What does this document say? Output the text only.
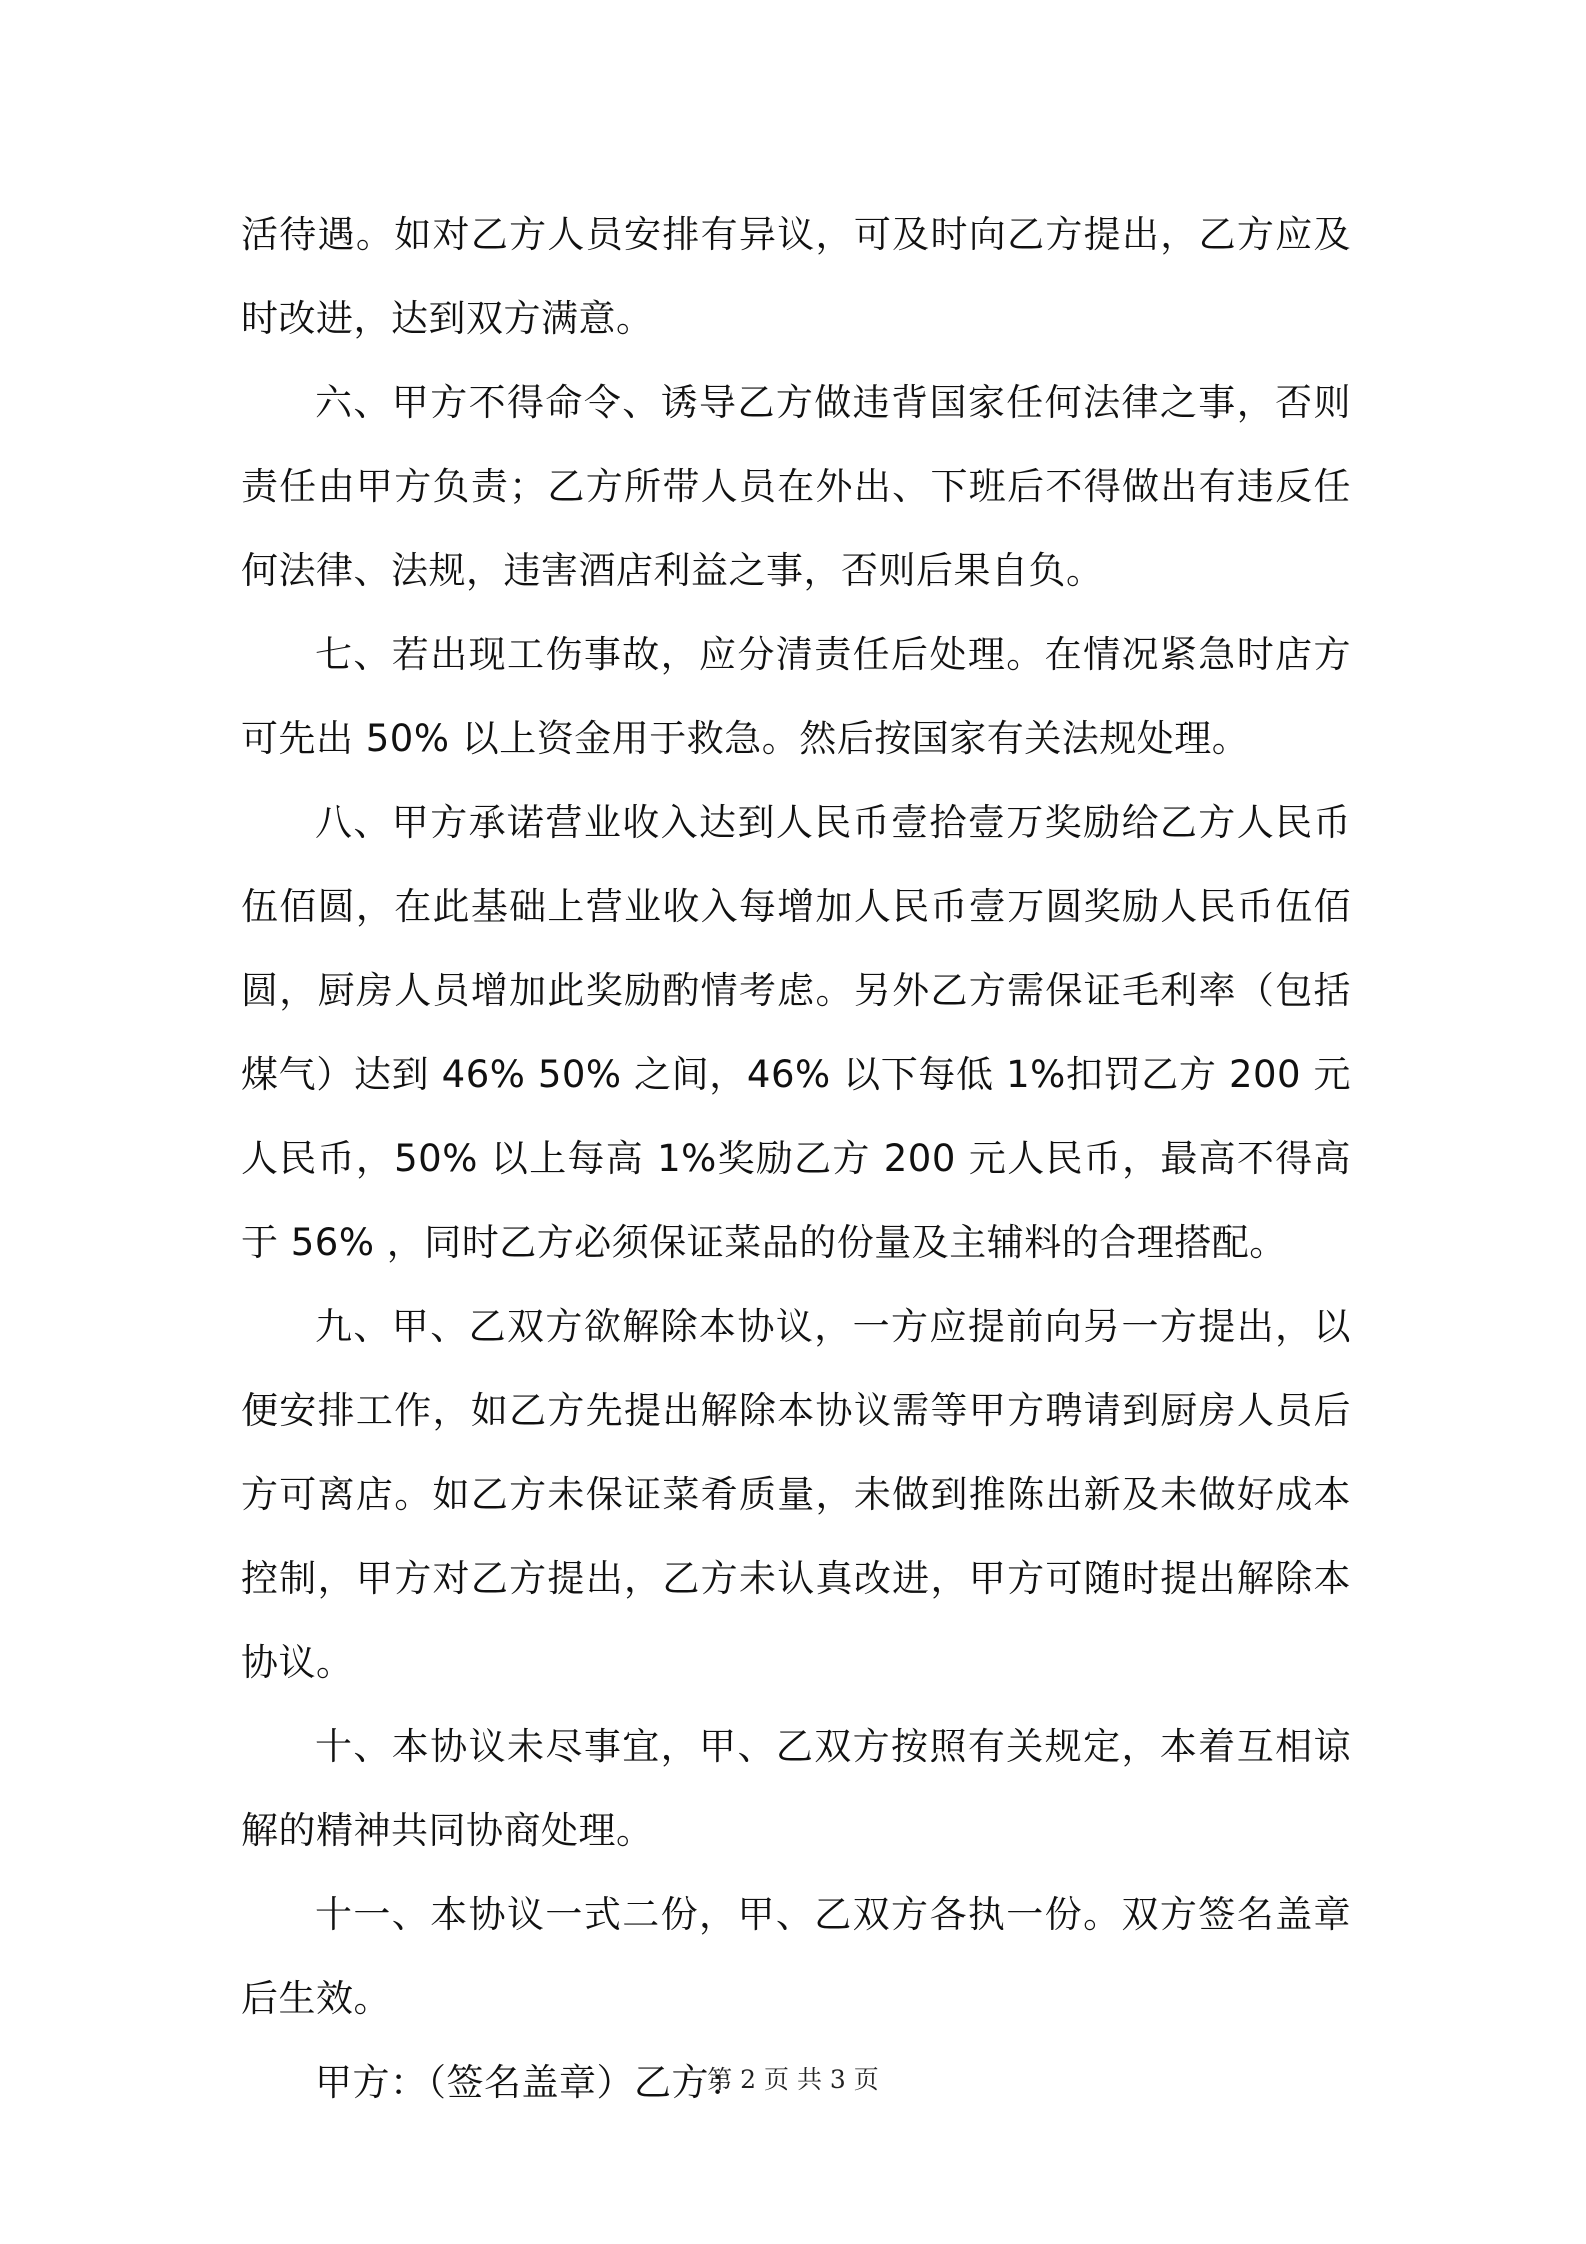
活待遇。如对乙方人员安排有异议，可及时向乙方提出，乙方应及时改进，达到双方满意。

六、甲方不得命令、诱导乙方做违背国家任何法律之事，否则责任由甲方负责；乙方所带人员在外出、下班后不得做出有违反任何法律、法规，违害酒店利益之事，否则后果自负。

七、若出现工伤事故，应分清责任后处理。在情况紧急时店方可先出 50% 以上资金用于救急。然后按国家有关法规处理。

八、甲方承诺营业收入达到人民币壹拾壹万奖励给乙方人民币伍佰圆，在此基础上营业收入每增加人民币壹万圆奖励人民币伍佰圆，厨房人员增加此奖励酌情考虑。另外乙方需保证毛利率（包括煤气）达到 46% 50% 之间，46% 以下每低 1%扣罚乙方 200 元人民币，50% 以上每高 1%奖励乙方 200 元人民币，最高不得高于 56% ，同时乙方必须保证菜品的份量及主辅料的合理搭配。

九、甲、乙双方欲解除本协议，一方应提前向另一方提出，以便安排工作，如乙方先提出解除本协议需等甲方聘请到厨房人员后方可离店。如乙方未保证菜肴质量，未做到推陈出新及未做好成本控制，甲方对乙方提出，乙方未认真改进，甲方可随时提出解除本协议。

十、本协议未尽事宜，甲、乙双方按照有关规定，本着互相谅解的精神共同协商处理。

十一、本协议一式二份，甲、乙双方各执一份。双方签名盖章后生效。

甲方：（签名盖章）乙方：

第 2 页 共 3 页
